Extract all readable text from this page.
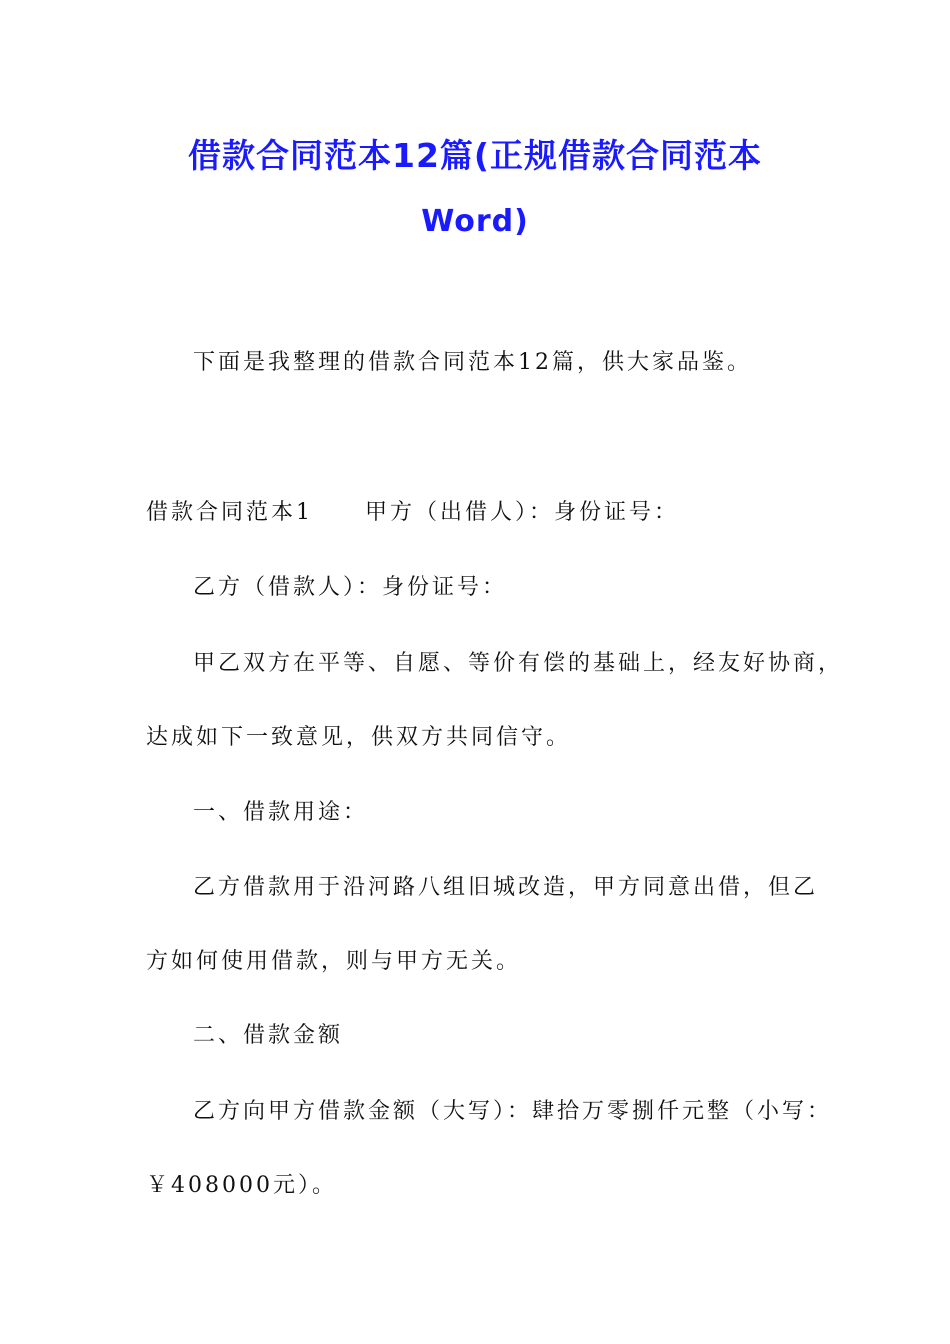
借款合同范本12篇(正规借款合同范本
Word)
下面是我整理的借款合同范本12篇，供大家品鉴。
借款合同范本1 甲方（出借人）：身份证号：
乙方（借款人）：身份证号：
甲乙双方在平等、自愿、等价有偿的基础上，经友好协商，
达成如下一致意见，供双方共同信守。
一、借款用途：
乙方借款用于沿河路八组旧城改造，甲方同意出借，但乙
方如何使用借款，则与甲方无关。
二、借款金额
乙方向甲方借款金额（大写）：肆拾万零捌仟元整（小写：
￥408000元）。
